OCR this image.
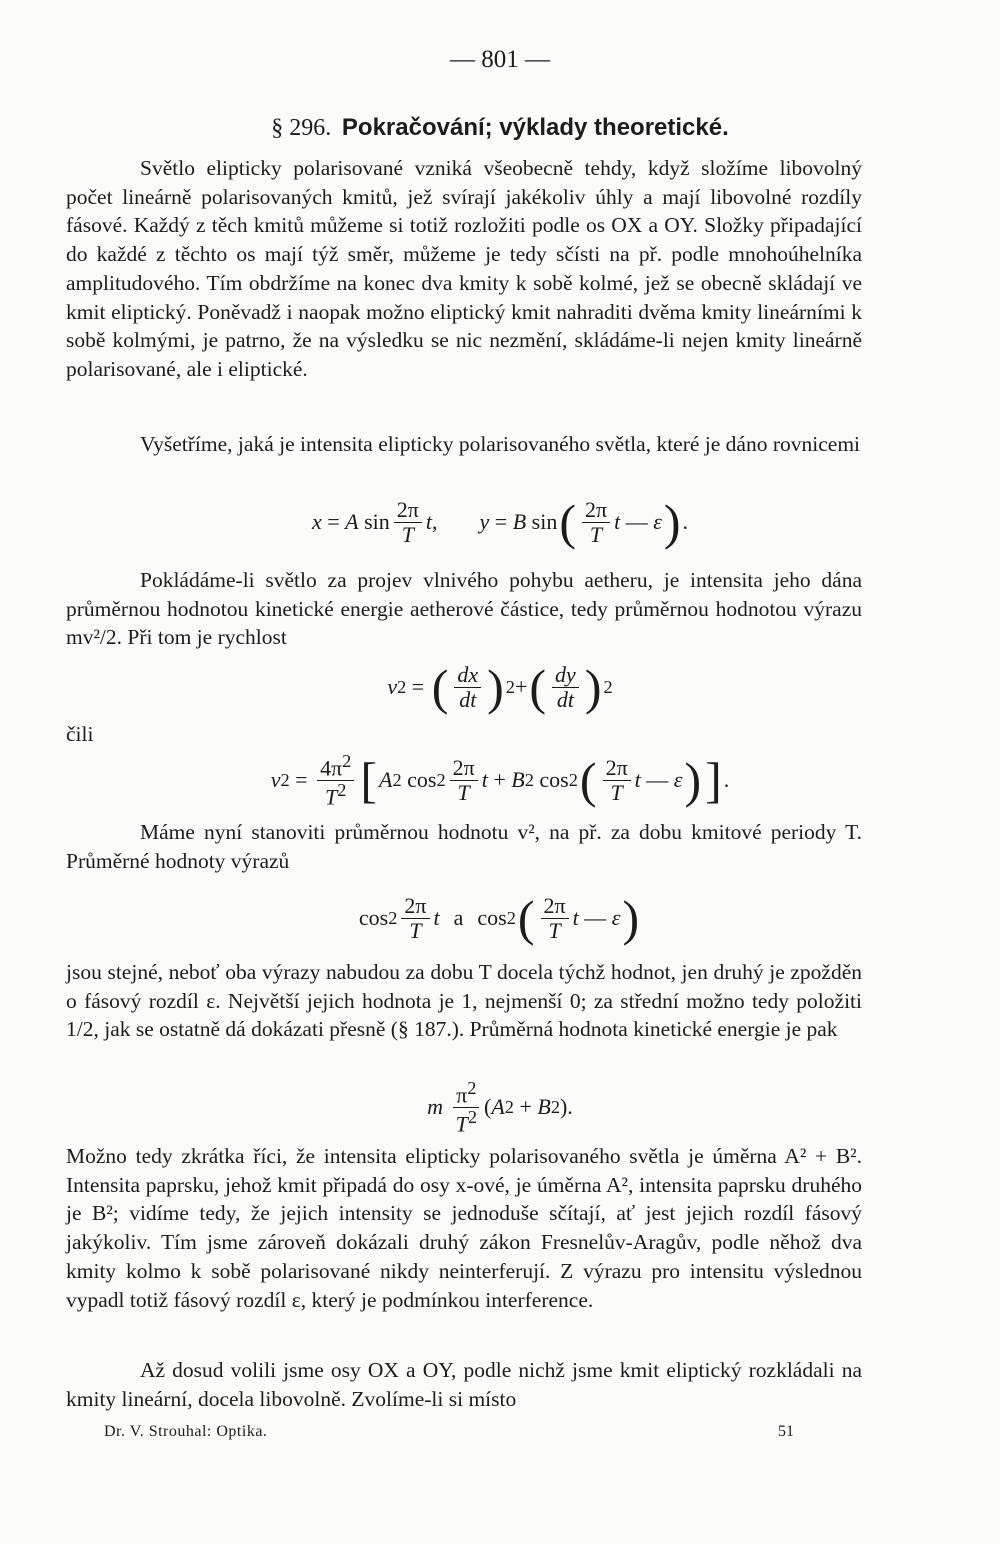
— 801 —
§ 296. Pokračování; výklady theoretické.

Světlo elipticky polarisované vzniká všeobecně tehdy, když složíme libovolný počet lineárně polarisovaných kmitů, jež svírají jakékoliv úhly a mají libovolné rozdíly fásové. Každý z těch kmitů můžeme si totiž rozložiti podle os OX a OY. Složky připadající do každé z těchto os mají týž směr, můžeme je tedy sčísti na př. podle mnohoúhelníka amplitudového. Tím obdržíme na konec dva kmity k sobě kolmé, jež se obecně skládají ve kmit eliptický. Poněvadž i naopak možno eliptický kmit nahraditi dvěma kmity lineárními k sobě kolmými, je patrno, že na výsledku se nic nezmění, skládáme-li nejen kmity lineárně polarisované, ale i eliptické.

Vyšetříme, jaká je intensita elipticky polarisovaného světla, které je dáno rovnicemi

x = A $\sin \frac{2\pi}{T}$ t , y = B sin ( $\frac{2\pi}{T}$ t — ε ) .

Pokládáme-li světlo za projev vlnivého pohybu aetheru, je intensita jeho dána průměrnou hodnotou kinetické energie aetherové částice, tedy průměrnou hodnotou výrazu mv²/2. Při tom je rychlost

v 2 = ( $\frac{dx}{dt}$ ) 2 + ( $\frac{dy}{dt}$ ) 2
čili
v $2 = \frac{4\pi^2}{T^2}$ [ A 2 $\cos 2 \frac{2\pi}{T}$ t + B 2 cos 2 ( $\frac{2\pi}{T}$ t — ε ) ] .

Máme nyní stanoviti průměrnou hodnotu v², na př. za dobu kmitové periody T. Průměrné hodnoty výrazů

$\cos 2 \frac{2\pi}{T}$ t a
cos 2 ( $\frac{2\pi}{T}$ t — ε )

jsou stejné, neboť oba výrazy nabudou za dobu T docela týchž hodnot, jen druhý je zpožděn o fásový rozdíl ε. Největší jejich hodnota je 1, nejmenší 0; za střední možno tedy položiti 1/2, jak se ostatně dá dokázati přesně (§ 187.). Průměrná hodnota kinetické energie je pak

m
$\frac{\pi^2}{T^2}$ ( A 2 + B 2 ).

Možno tedy zkrátka říci, že intensita elipticky polarisovaného světla je úměrna A² + B². Intensita paprsku, jehož kmit připadá do osy x-ové, je úměrna A², intensita paprsku druhého je B²; vidíme tedy, že jejich intensity se jednoduše sčítají, ať jest jejich rozdíl fásový jakýkoliv. Tím jsme zároveň dokázali druhý zákon Fresnelův-Aragův, podle něhož dva kmity kolmo k sobě polarisované nikdy neinterferují. Z výrazu pro intensitu výslednou vypadl totiž fásový rozdíl ε, který je podmínkou interference.

Až dosud volili jsme osy OX a OY, podle nichž jsme kmit eliptický rozkládali na kmity lineární, docela libovolně. Zvolíme-li si místo

Dr. V. Strouhal: Optika.	51
